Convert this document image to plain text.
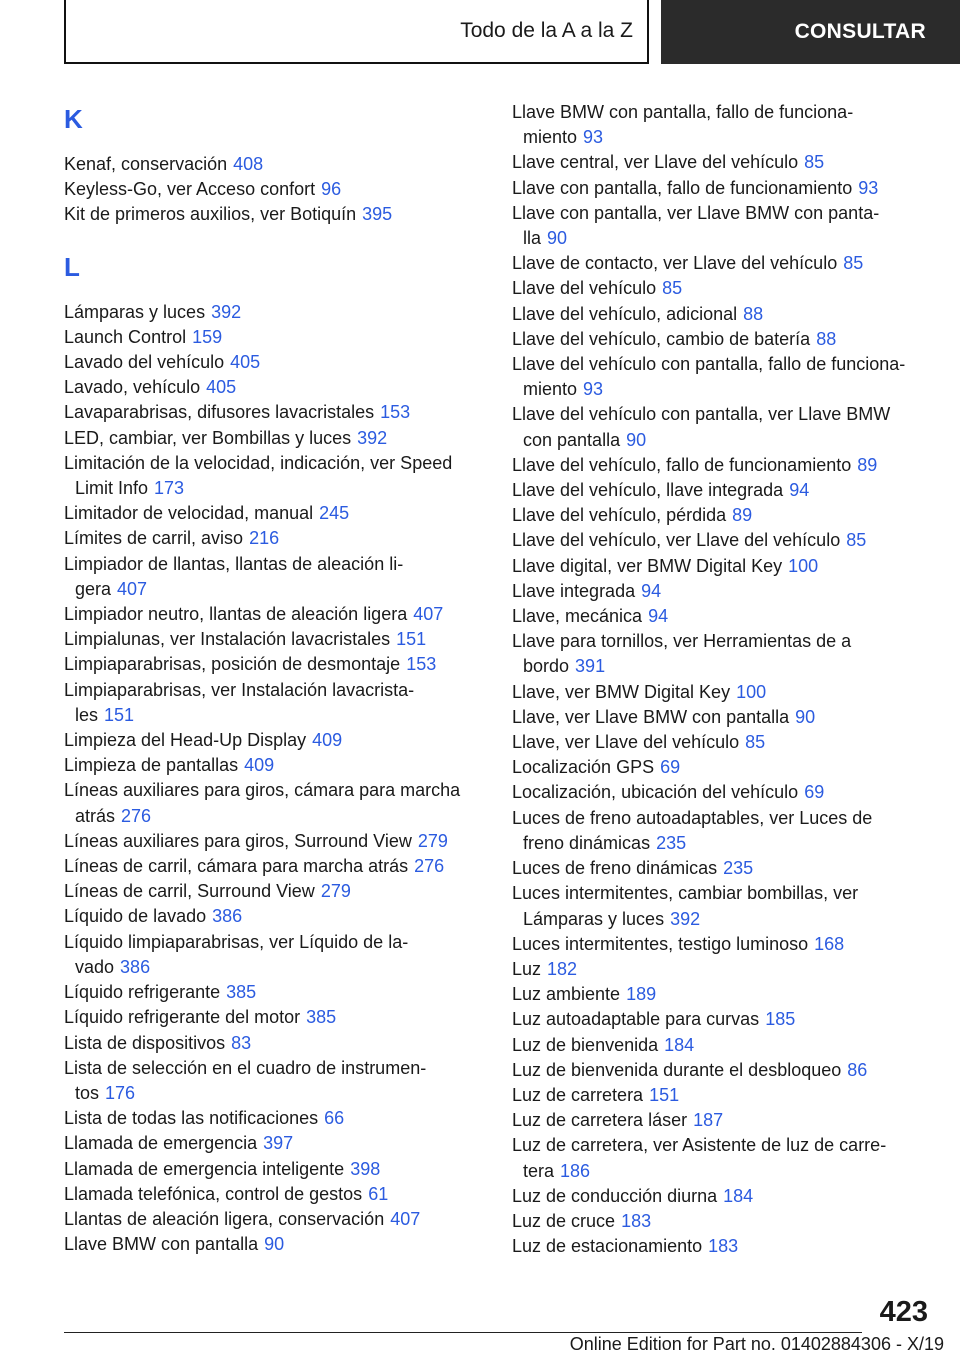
Todo de la A a la Z	CONSULTAR
K
Kenaf, conservación 408
Keyless-Go, ver Acceso confort 96
Kit de primeros auxilios, ver Botiquín 395
L
Lámparas y luces 392
Launch Control 159
Lavado del vehículo 405
Lavado, vehículo 405
Lavaparabrisas, difusores lavacristales 153
LED, cambiar, ver Bombillas y luces 392
Limitación de la velocidad, indicación, ver Speed
Limit Info 173
Limitador de velocidad, manual 245
Límites de carril, aviso 216
Limpiador de llantas, llantas de aleación li-
gera 407
Limpiador neutro, llantas de aleación ligera 407
Limpialunas, ver Instalación lavacristales 151
Limpiaparabrisas, posición de desmontaje 153
Limpiaparabrisas, ver Instalación lavacrista-
les 151
Limpieza del Head-Up Display 409
Limpieza de pantallas 409
Líneas auxiliares para giros, cámara para marcha
atrás 276
Líneas auxiliares para giros, Surround View 279
Líneas de carril, cámara para marcha atrás 276
Líneas de carril, Surround View 279
Líquido de lavado 386
Líquido limpiaparabrisas, ver Líquido de la-
vado 386
Líquido refrigerante 385
Líquido refrigerante del motor 385
Lista de dispositivos 83
Lista de selección en el cuadro de instrumen-
tos 176
Lista de todas las notificaciones 66
Llamada de emergencia 397
Llamada de emergencia inteligente 398
Llamada telefónica, control de gestos 61
Llantas de aleación ligera, conservación 407
Llave BMW con pantalla 90
Llave BMW con pantalla, fallo de funciona-
miento 93
Llave central, ver Llave del vehículo 85
Llave con pantalla, fallo de funcionamiento 93
Llave con pantalla, ver Llave BMW con panta-
lla 90
Llave de contacto, ver Llave del vehículo 85
Llave del vehículo 85
Llave del vehículo, adicional 88
Llave del vehículo, cambio de batería 88
Llave del vehículo con pantalla, fallo de funciona-
miento 93
Llave del vehículo con pantalla, ver Llave BMW
con pantalla 90
Llave del vehículo, fallo de funcionamiento 89
Llave del vehículo, llave integrada 94
Llave del vehículo, pérdida 89
Llave del vehículo, ver Llave del vehículo 85
Llave digital, ver BMW Digital Key 100
Llave integrada 94
Llave, mecánica 94
Llave para tornillos, ver Herramientas de a
bordo 391
Llave, ver BMW Digital Key 100
Llave, ver Llave BMW con pantalla 90
Llave, ver Llave del vehículo 85
Localización GPS 69
Localización, ubicación del vehículo 69
Luces de freno autoadaptables, ver Luces de
freno dinámicas 235
Luces de freno dinámicas 235
Luces intermitentes, cambiar bombillas, ver
Lámparas y luces 392
Luces intermitentes, testigo luminoso 168
Luz 182
Luz ambiente 189
Luz autoadaptable para curvas 185
Luz de bienvenida 184
Luz de bienvenida durante el desbloqueo 86
Luz de carretera 151
Luz de carretera láser 187
Luz de carretera, ver Asistente de luz de carre-
tera 186
Luz de conducción diurna 184
Luz de cruce 183
Luz de estacionamiento 183
423
Online Edition for Part no. 01402884306 - X/19
